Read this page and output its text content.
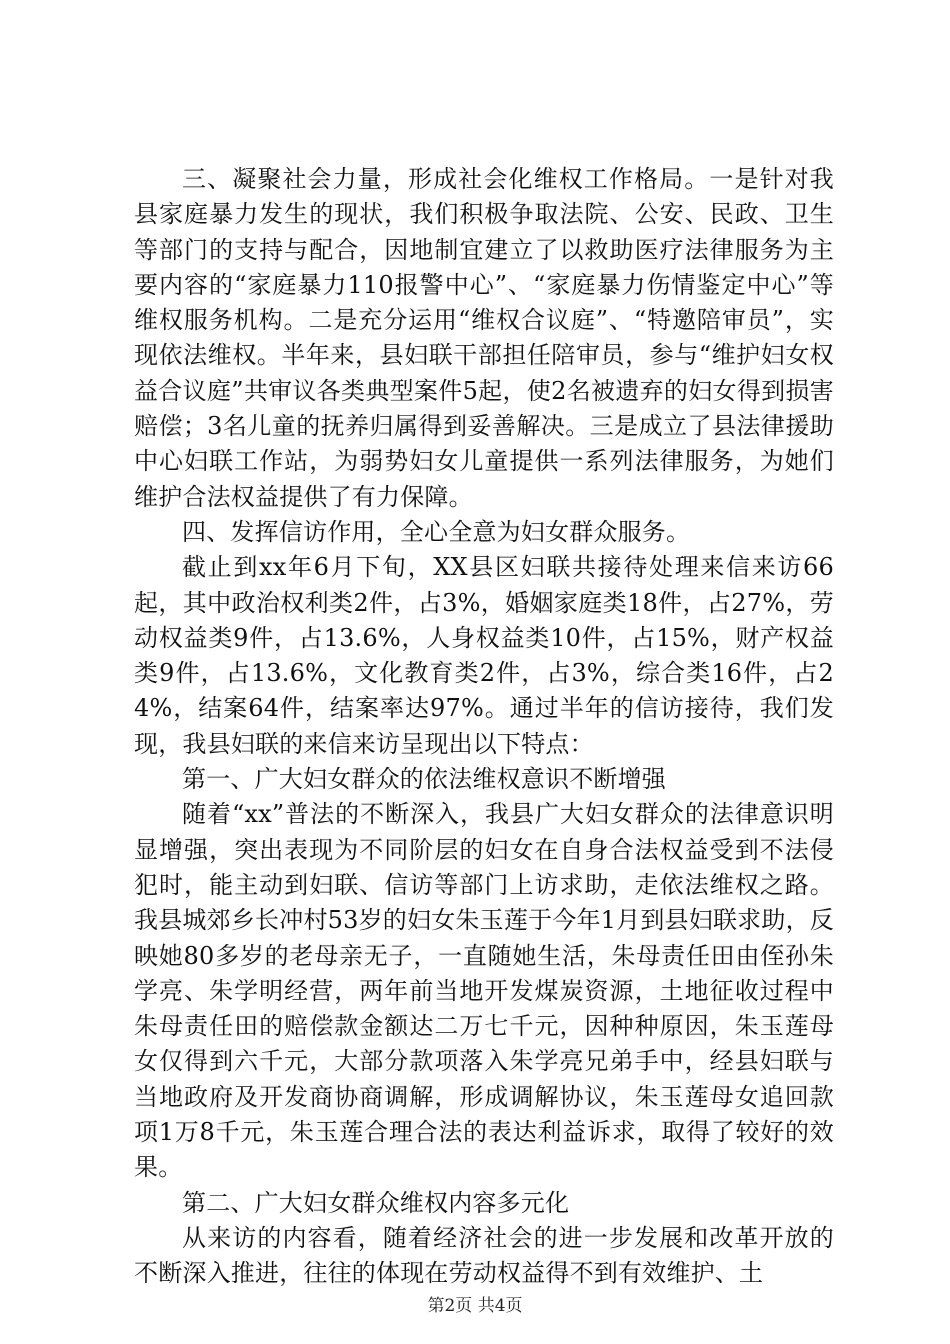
三、凝聚社会力量，形成社会化维权工作格局。一是针对我县家庭暴力发生的现状，我们积极争取法院、公安、民政、卫生等部门的支持与配合，因地制宜建立了以救助医疗法律服务为主要内容的“家庭暴力110报警中心”、“家庭暴力伤情鉴定中心”等维权服务机构。二是充分运用“维权合议庭”、“特邀陪审员”，实现依法维权。半年来，县妇联干部担任陪审员，参与“维护妇女权益合议庭”共审议各类典型案件5起，使2名被遗弃的妇女得到损害赔偿；3名儿童的抚养归属得到妥善解决。三是成立了县法律援助中心妇联工作站，为弱势妇女儿童提供一系列法律服务，为她们维护合法权益提供了有力保障。

四、发挥信访作用，全心全意为妇女群众服务。

截止到xx年6月下旬，XX县区妇联共接待处理来信来访66起，其中政治权利类2件，占3%，婚姻家庭类18件，占27%，劳动权益类9件，占13.6%，人身权益类10件，占15%，财产权益类9件，占13.6%，文化教育类2件，占3%，综合类16件，占24%，结案64件，结案率达97%。通过半年的信访接待，我们发现，我县妇联的来信来访呈现出以下特点：

第一、广大妇女群众的依法维权意识不断增强

随着“xx”普法的不断深入，我县广大妇女群众的法律意识明显增强，突出表现为不同阶层的妇女在自身合法权益受到不法侵犯时，能主动到妇联、信访等部门上访求助，走依法维权之路。我县城郊乡长冲村53岁的妇女朱玉莲于今年1月到县妇联求助，反映她80多岁的老母亲无子，一直随她生活，朱母责任田由侄孙朱学亮、朱学明经营，两年前当地开发煤炭资源，土地征收过程中朱母责任田的赔偿款金额达二万七千元，因种种原因，朱玉莲母女仅得到六千元，大部分款项落入朱学亮兄弟手中，经县妇联与当地政府及开发商协商调解，形成调解协议，朱玉莲母女追回款项1万8千元，朱玉莲合理合法的表达利益诉求，取得了较好的效果。

第二、广大妇女群众维权内容多元化

从来访的内容看，随着经济社会的进一步发展和改革开放的不断深入推进，往往的体现在劳动权益得不到有效维护、土

第2页 共4页
